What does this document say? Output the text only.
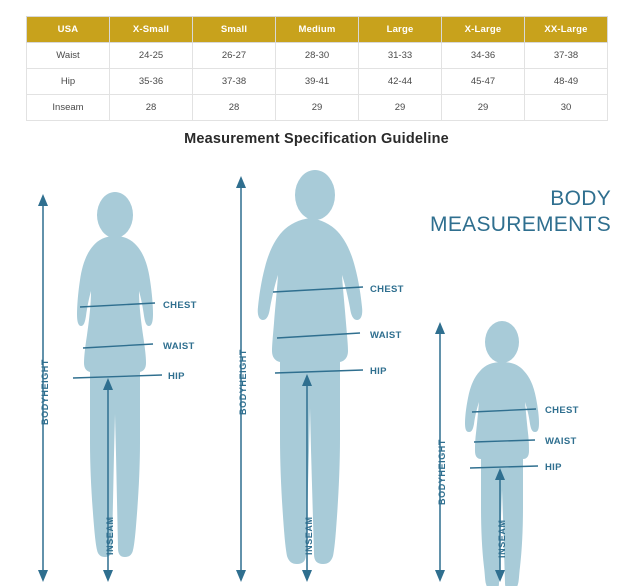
USA	X-Small	Small	Medium	Large	X-Large	XX-Large
Waist	24-25	26-27	28-30	31-33	34-36	37-38
Hip	35-36	37-38	39-41	42-44	45-47	48-49
Inseam	28	28	29	29	29	30
Measurement Specification Guideline
BODY
MEASUREMENTS
CHEST
WAIST
HIP
BODYHEIGHT
INSEAM
CHEST
WAIST
HIP
BODYHEIGHT
INSEAM
CHEST
WAIST
HIP
BODYHEIGHT
INSEAM
